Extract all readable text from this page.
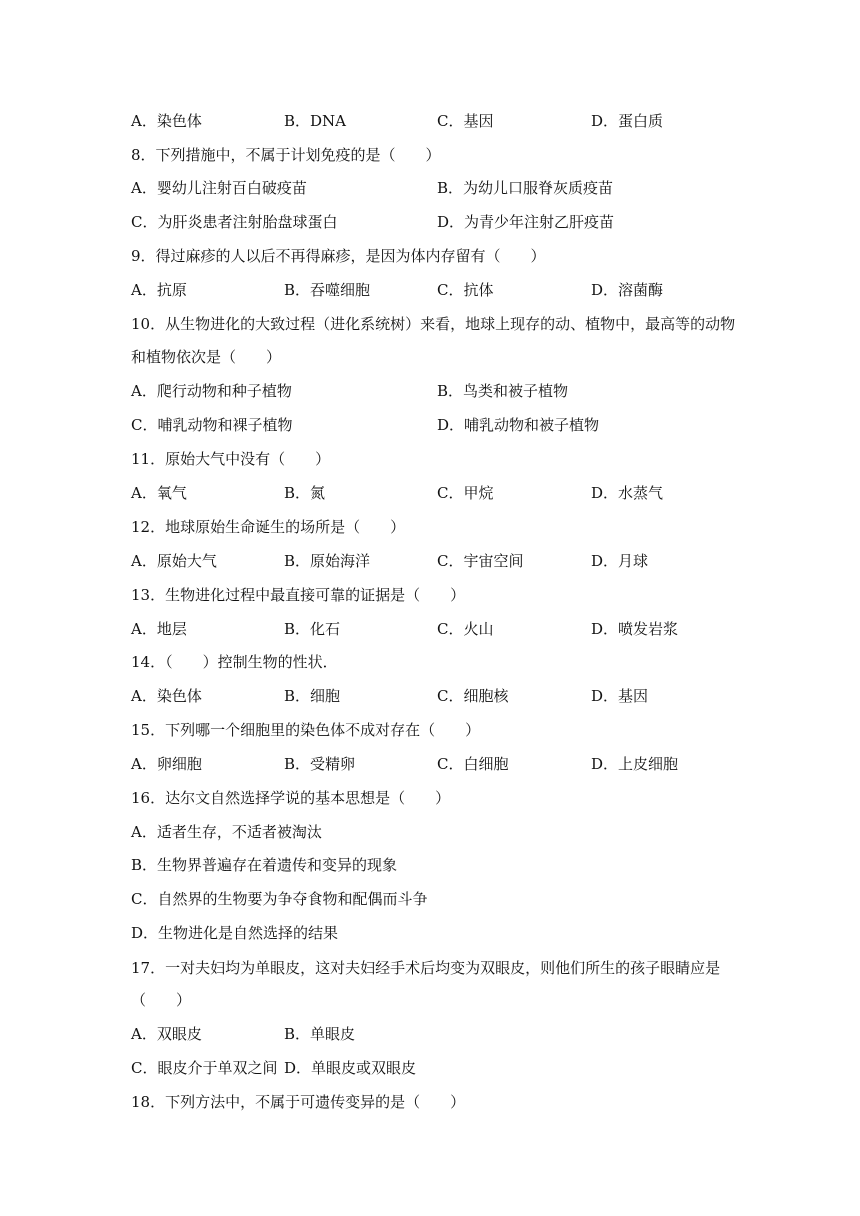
A．染色体	B．DNA	C．基因	D．蛋白质
8．下列措施中，不属于计划免疫的是（　　）
A．婴幼儿注射百白破疫苗	B．为幼儿口服脊灰质疫苗
C．为肝炎患者注射胎盘球蛋白	D．为青少年注射乙肝疫苗
9．得过麻疹的人以后不再得麻疹，是因为体内存留有（　　）
A．抗原	B．吞噬细胞	C．抗体	D．溶菌酶
10．从生物进化的大致过程（进化系统树）来看，地球上现存的动、植物中，最高等的动物
和植物依次是（　　）
A．爬行动物和种子植物	B．鸟类和被子植物
C．哺乳动物和裸子植物	D．哺乳动物和被子植物
11．原始大气中没有（　　）
A．氧气	B．氮	C．甲烷	D．水蒸气
12．地球原始生命诞生的场所是（　　）
A．原始大气	B．原始海洋	C．宇宙空间	D．月球
13．生物进化过程中最直接可靠的证据是（　　）
A．地层	B．化石	C．火山	D．喷发岩浆
14．（　　）控制生物的性状．
A．染色体	B．细胞	C．细胞核	D．基因
15．下列哪一个细胞里的染色体不成对存在（　　）
A．卵细胞	B．受精卵	C．白细胞	D．上皮细胞
16．达尔文自然选择学说的基本思想是（　　）
A．适者生存，不适者被淘汰
B．生物界普遍存在着遗传和变异的现象
C．自然界的生物要为争夺食物和配偶而斗争
D．生物进化是自然选择的结果
17．一对夫妇均为单眼皮，这对夫妇经手术后均变为双眼皮，则他们所生的孩子眼睛应是
（　　）
A．双眼皮	B．单眼皮
C．眼皮介于单双之间 D．单眼皮或双眼皮
18．下列方法中，不属于可遗传变异的是（　　）
